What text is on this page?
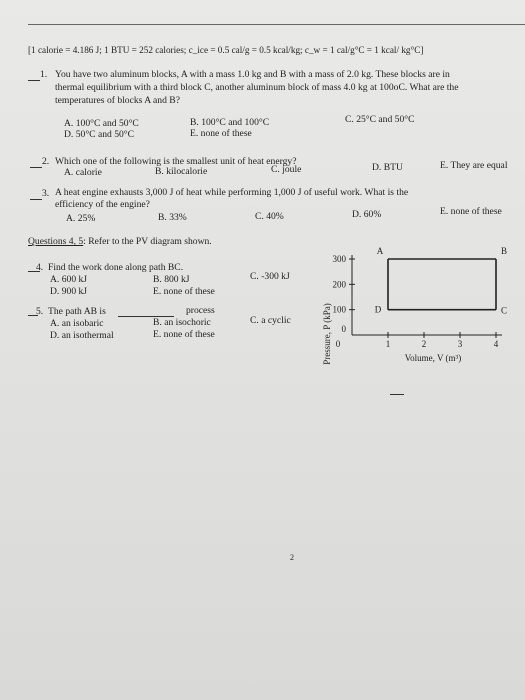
[1 calorie = 4.186 J; 1 BTU = 252 calories; c_ice = 0.5 cal/g = 0.5 kcal/kg; c_w = 1 cal/g°C = 1 kcal/ kg°C]
1. You have two aluminum blocks, A with a mass 1.0 kg and B with a mass of 2.0 kg. These blocks are in
thermal equilibrium with a third block C, another aluminum block of mass 4.0 kg at 100oC. What are the
temperatures of blocks A and B?
A. 100°C and 50°C	B. 100°C and 100°C	C. 25°C and 50°C
D. 50°C and 50°C	E. none of these
2. Which one of the following is the smallest unit of heat energy?
A. calorie	B. kilocalorie	C. joule	D. BTU	E. They are equal
3. A heat engine exhausts 3,000 J of heat while performing 1,000 J of useful work. What is the
efficiency of the engine?
A. 25%	B. 33%	C. 40%	D. 60%	E. none of these
Questions 4, 5: Refer to the PV diagram shown.
4. Find the work done along path BC.
A. 600 kJ	B. 800 kJ	C. -300 kJ
D. 900 kJ	E. none of these
5. The path AB is	process
A. an isobaric	B. an isochoric	C. a cyclic
D. an isothermal	E. none of these	Pressure, P (kPa) 0
100
200
300
0	1	2	3	4
A	B
C
D
Volume, V (m³)
2
